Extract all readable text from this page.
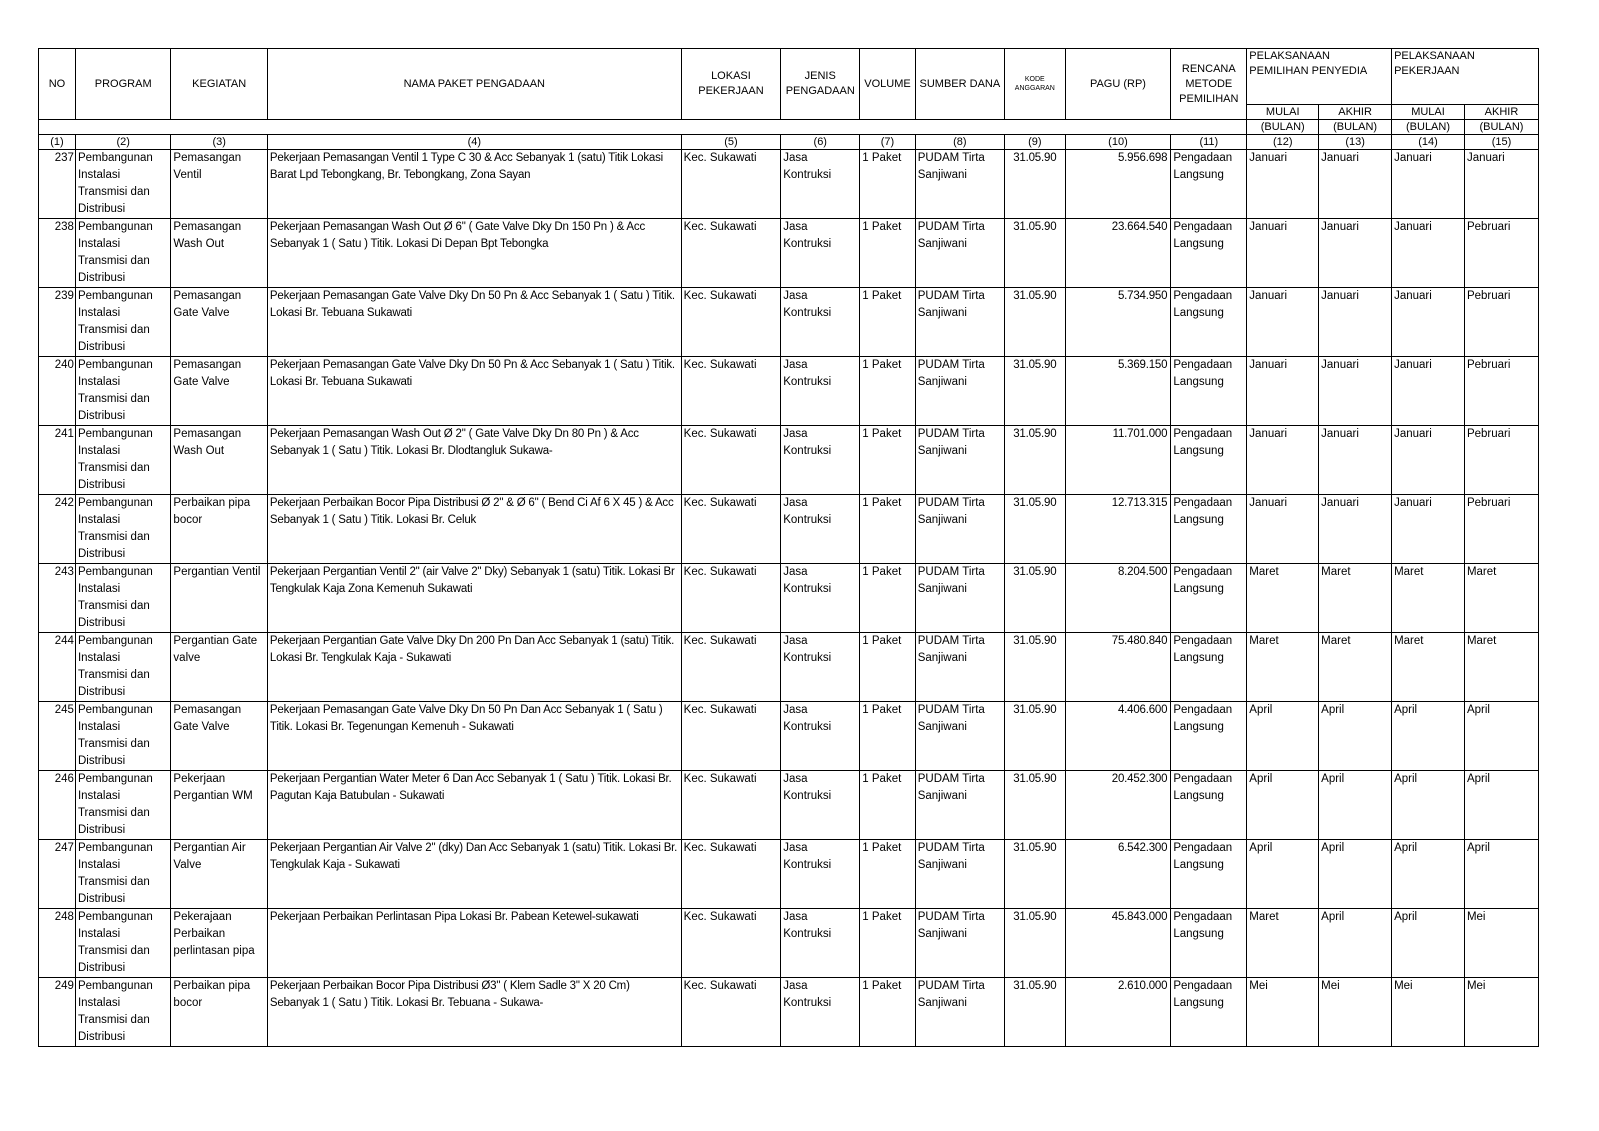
NO	PROGRAM	KEGIATAN	NAMA PAKET PENGADAAN	LOKASI PEKERJAAN	JENIS PENGADAAN	VOLUME	SUMBER DANA	KODE ANGGARAN	PAGU (RP)	RENCANA METODE PEMILIHAN	PELAKSANAAN PEMILIHAN PENYEDIA		PELAKSANAAN PEKERJAAN	
											MULAI	AKHIR	MULAI	AKHIR
											(BULAN)	(BULAN)	(BULAN)	(BULAN)
(1)	(2)	(3)	(4)	(5)	(6)	(7)	(8)	(9)	(10)	(11)	(12)	(13)	(14)	(15)
237	Pembangunan Instalasi Transmisi dan Distribusi	Pemasangan Ventil	Pekerjaan Pemasangan Ventil 1 Type C 30 & Acc Sebanyak 1 (satu) Titik Lokasi Barat Lpd Tebongkang, Br. Tebongkang, Zona Sayan	Kec. Sukawati	Jasa Kontruksi	1 Paket	PUDAM Tirta Sanjiwani	31.05.90	5.956.698	Pengadaan Langsung	Januari	Januari	Januari	Januari
238	Pembangunan Instalasi Transmisi dan Distribusi	Pemasangan Wash Out	Pekerjaan Pemasangan Wash Out Ø 6" ( Gate Valve Dky Dn 150 Pn ) & Acc Sebanyak 1 ( Satu ) Titik. Lokasi Di Depan Bpt Tebongka	Kec. Sukawati	Jasa Kontruksi	1 Paket	PUDAM Tirta Sanjiwani	31.05.90	23.664.540	Pengadaan Langsung	Januari	Januari	Januari	Pebruari
239	Pembangunan Instalasi Transmisi dan Distribusi	Pemasangan Gate Valve	Pekerjaan Pemasangan Gate Valve Dky Dn 50 Pn & Acc Sebanyak 1 ( Satu ) Titik. Lokasi Br. Tebuana Sukawati	Kec. Sukawati	Jasa Kontruksi	1 Paket	PUDAM Tirta Sanjiwani	31.05.90	5.734.950	Pengadaan Langsung	Januari	Januari	Januari	Pebruari
240	Pembangunan Instalasi Transmisi dan Distribusi	Pemasangan Gate Valve	Pekerjaan Pemasangan Gate Valve Dky Dn 50 Pn & Acc Sebanyak 1 ( Satu ) Titik. Lokasi Br. Tebuana Sukawati	Kec. Sukawati	Jasa Kontruksi	1 Paket	PUDAM Tirta Sanjiwani	31.05.90	5.369.150	Pengadaan Langsung	Januari	Januari	Januari	Pebruari
241	Pembangunan Instalasi Transmisi dan Distribusi	Pemasangan Wash Out	Pekerjaan Pemasangan Wash Out Ø 2" ( Gate Valve Dky Dn 80 Pn ) & Acc Sebanyak 1 ( Satu ) Titik. Lokasi Br. Dlodtangluk Sukawa-	Kec. Sukawati	Jasa Kontruksi	1 Paket	PUDAM Tirta Sanjiwani	31.05.90	11.701.000	Pengadaan Langsung	Januari	Januari	Januari	Pebruari
242	Pembangunan Instalasi Transmisi dan Distribusi	Perbaikan pipa bocor	Pekerjaan Perbaikan Bocor Pipa Distribusi Ø 2" & Ø 6" ( Bend Ci Af 6 X 45 ) & Acc Sebanyak 1 ( Satu ) Titik. Lokasi Br. Celuk	Kec. Sukawati	Jasa Kontruksi	1 Paket	PUDAM Tirta Sanjiwani	31.05.90	12.713.315	Pengadaan Langsung	Januari	Januari	Januari	Pebruari
243	Pembangunan Instalasi Transmisi dan Distribusi	Pergantian Ventil	Pekerjaan Pergantian Ventil 2" (air Valve 2" Dky) Sebanyak 1 (satu) Titik. Lokasi Br Tengkulak Kaja Zona Kemenuh Sukawati	Kec. Sukawati	Jasa Kontruksi	1 Paket	PUDAM Tirta Sanjiwani	31.05.90	8.204.500	Pengadaan Langsung	Maret	Maret	Maret	Maret
244	Pembangunan Instalasi Transmisi dan Distribusi	Pergantian Gate valve	Pekerjaan Pergantian Gate Valve Dky Dn 200 Pn Dan Acc Sebanyak 1 (satu) Titik. Lokasi Br. Tengkulak Kaja - Sukawati	Kec. Sukawati	Jasa Kontruksi	1 Paket	PUDAM Tirta Sanjiwani	31.05.90	75.480.840	Pengadaan Langsung	Maret	Maret	Maret	Maret
245	Pembangunan Instalasi Transmisi dan Distribusi	Pemasangan Gate Valve	Pekerjaan Pemasangan Gate Valve Dky Dn 50 Pn Dan Acc Sebanyak 1 ( Satu ) Titik. Lokasi Br. Tegenungan Kemenuh - Sukawati	Kec. Sukawati	Jasa Kontruksi	1 Paket	PUDAM Tirta Sanjiwani	31.05.90	4.406.600	Pengadaan Langsung	April	April	April	April
246	Pembangunan Instalasi Transmisi dan Distribusi	Pekerjaan Pergantian WM	Pekerjaan Pergantian Water Meter 6 Dan Acc Sebanyak 1 ( Satu ) Titik. Lokasi Br. Pagutan Kaja Batubulan - Sukawati	Kec. Sukawati	Jasa Kontruksi	1 Paket	PUDAM Tirta Sanjiwani	31.05.90	20.452.300	Pengadaan Langsung	April	April	April	April
247	Pembangunan Instalasi Transmisi dan Distribusi	Pergantian Air Valve	Pekerjaan Pergantian Air Valve 2" (dky) Dan Acc Sebanyak 1 (satu) Titik. Lokasi Br. Tengkulak Kaja - Sukawati	Kec. Sukawati	Jasa Kontruksi	1 Paket	PUDAM Tirta Sanjiwani	31.05.90	6.542.300	Pengadaan Langsung	April	April	April	April
248	Pembangunan Instalasi Transmisi dan Distribusi	Pekerajaan Perbaikan perlintasan pipa	Pekerjaan Perbaikan Perlintasan Pipa Lokasi Br. Pabean Ketewel-sukawati	Kec. Sukawati	Jasa Kontruksi	1 Paket	PUDAM Tirta Sanjiwani	31.05.90	45.843.000	Pengadaan Langsung	Maret	April	April	Mei
249	Pembangunan Instalasi Transmisi dan Distribusi	Perbaikan pipa bocor	Pekerjaan Perbaikan Bocor Pipa Distribusi Ø3" ( Klem Sadle 3" X 20 Cm) Sebanyak 1 ( Satu ) Titik. Lokasi Br. Tebuana - Sukawa-	Kec. Sukawati	Jasa Kontruksi	1 Paket	PUDAM Tirta Sanjiwani	31.05.90	2.610.000	Pengadaan Langsung	Mei	Mei	Mei	Mei
